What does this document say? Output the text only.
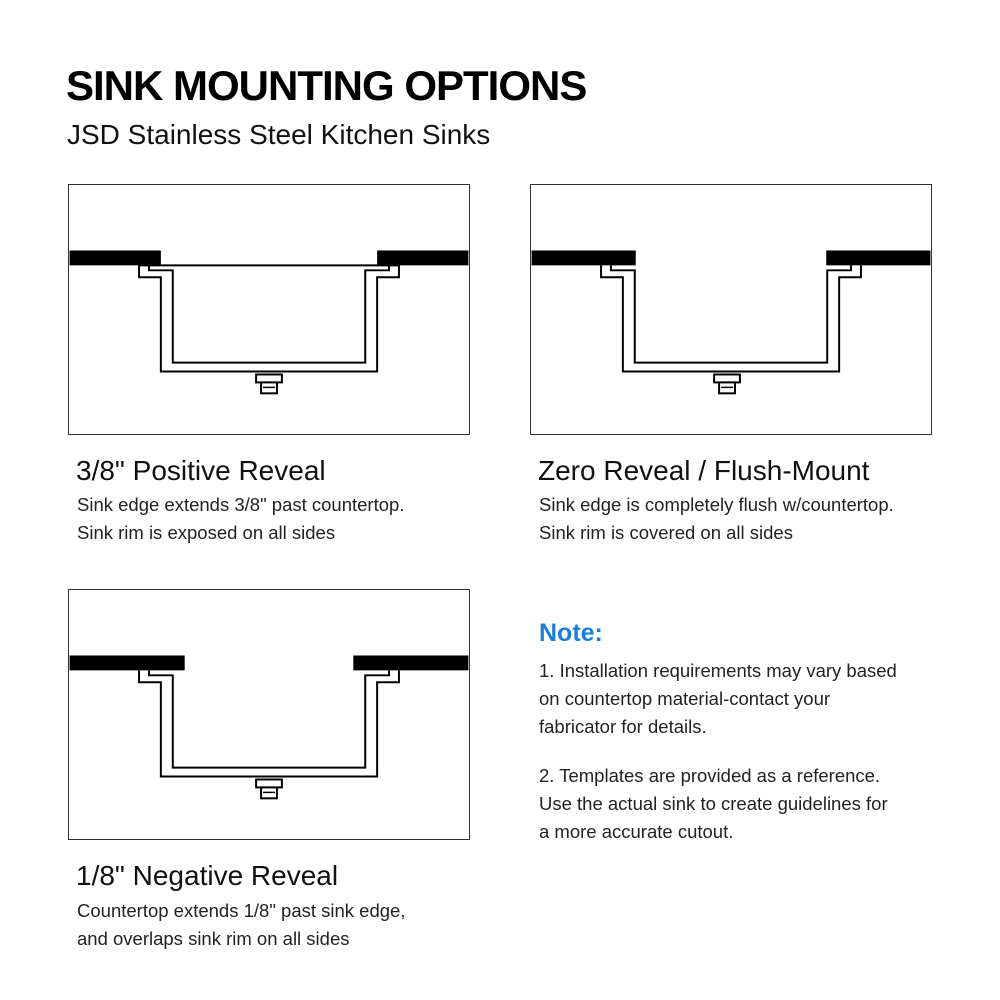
SINK MOUNTING OPTIONS
JSD Stainless Steel Kitchen Sinks
3/8" Positive Reveal
Sink edge extends 3/8" past countertop.
Sink rim is exposed on all sides
Zero Reveal / Flush-Mount
Sink edge is completely flush w/countertop.
Sink rim is covered on all sides
1/8" Negative Reveal
Countertop extends 1/8" past sink edge,
and overlaps sink rim on all sides
Note:
1. Installation requirements may vary based
on countertop material-contact your
fabricator for details.
2. Templates are provided as a reference.
Use the actual sink to create guidelines for
a more accurate cutout.
